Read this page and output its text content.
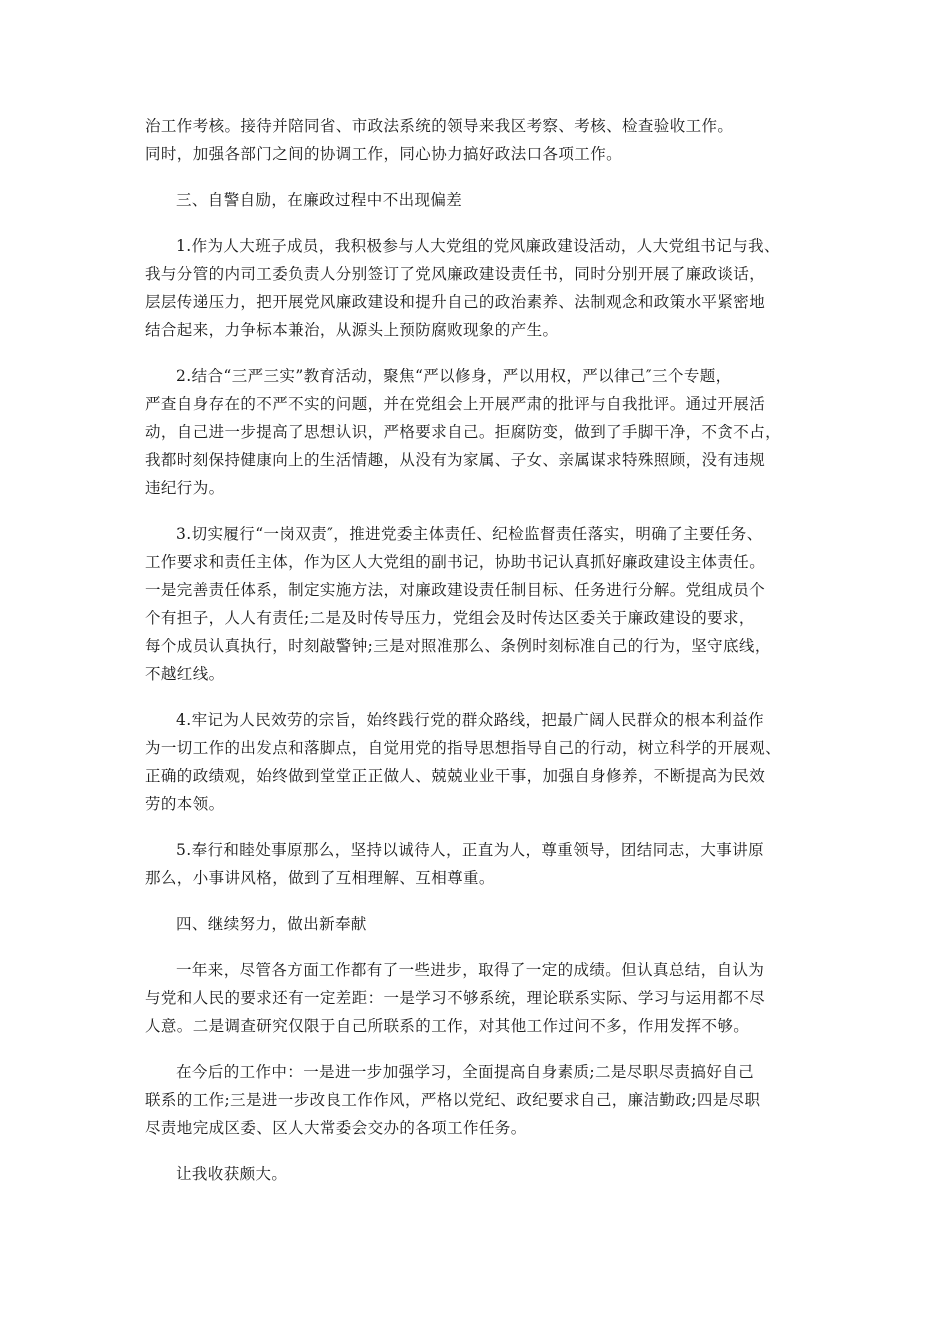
治工作考核。接待并陪同省、市政法系统的领导来我区考察、考核、检查验收工作。
同时，加强各部门之间的协调工作，同心协力搞好政法口各项工作。

三、自警自励，在廉政过程中不出现偏差

1.作为人大班子成员，我积极参与人大党组的党风廉政建设活动，人大党组书记与我、
我与分管的内司工委负责人分别签订了党风廉政建设责任书，同时分别开展了廉政谈话，
层层传递压力，把开展党风廉政建设和提升自己的政治素养、法制观念和政策水平紧密地
结合起来，力争标本兼治，从源头上预防腐败现象的产生。

2.结合“三严三实”教育活动，聚焦“严以修身，严以用权，严以律己″三个专题，
严查自身存在的不严不实的问题，并在党组会上开展严肃的批评与自我批评。通过开展活
动，自己进一步提高了思想认识，严格要求自己。拒腐防变，做到了手脚干净，不贪不占，
我都时刻保持健康向上的生活情趣，从没有为家属、子女、亲属谋求特殊照顾，没有违规
违纪行为。

3.切实履行“一岗双责″，推进党委主体责任、纪检监督责任落实，明确了主要任务、
工作要求和责任主体，作为区人大党组的副书记，协助书记认真抓好廉政建设主体责任。
一是完善责任体系，制定实施方法，对廉政建设责任制目标、任务进行分解。党组成员个
个有担子，人人有责任;二是及时传导压力，党组会及时传达区委关于廉政建设的要求，
每个成员认真执行，时刻敲警钟;三是对照准那么、条例时刻标准自己的行为，坚守底线，
不越红线。

4.牢记为人民效劳的宗旨，始终践行党的群众路线，把最广阔人民群众的根本利益作
为一切工作的出发点和落脚点，自觉用党的指导思想指导自己的行动，树立科学的开展观、
正确的政绩观，始终做到堂堂正正做人、兢兢业业干事，加强自身修养，不断提高为民效
劳的本领。

5.奉行和睦处事原那么，坚持以诚待人，正直为人，尊重领导，团结同志，大事讲原
那么，小事讲风格，做到了互相理解、互相尊重。

四、继续努力，做出新奉献

一年来，尽管各方面工作都有了一些进步，取得了一定的成绩。但认真总结，自认为
与党和人民的要求还有一定差距：一是学习不够系统，理论联系实际、学习与运用都不尽
人意。二是调查研究仅限于自己所联系的工作，对其他工作过问不多，作用发挥不够。

在今后的工作中：一是进一步加强学习，全面提高自身素质;二是尽职尽责搞好自己
联系的工作;三是进一步改良工作作风，严格以党纪、政纪要求自己，廉洁勤政;四是尽职
尽责地完成区委、区人大常委会交办的各项工作任务。

让我收获颇大。
